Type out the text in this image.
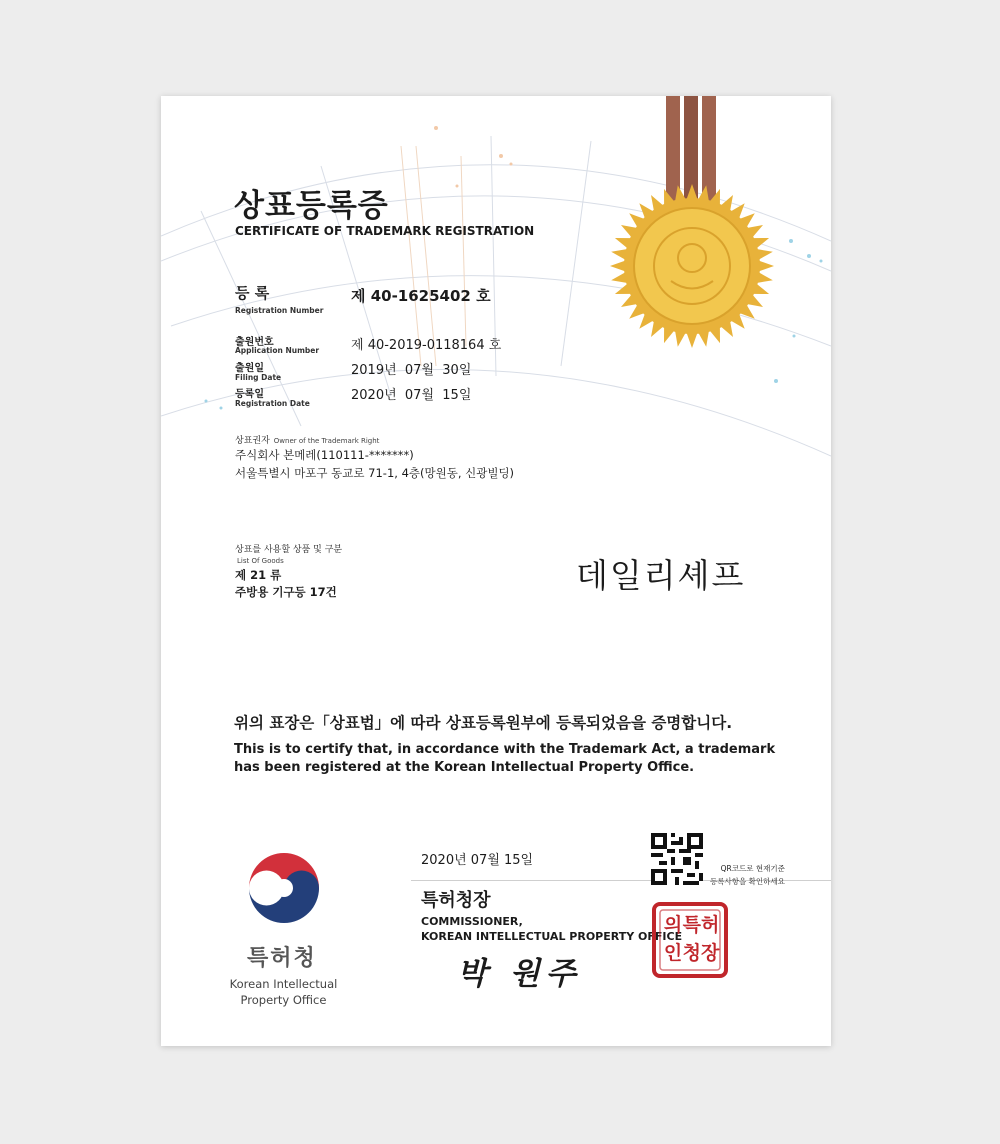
상표등록증
CERTIFICATE OF TRADEMARK REGISTRATION
등 록
Registration Number
제 40-1625402 호
출원번호
Application Number 제 40-2019-0118164 호
출원일
Filing Date	2019년  07월  30일
등록일
Registration Date
2020년  07월  15일
상표권자 Owner of the Trademark Right
주식회사 본메레(110111-*******)
서울특별시 마포구 동교로 71-1, 4층(망원동, 신광빌딩)
상표를 사용할 상품 및 구분
List Of Goods
제 21 류
주방용 기구등 17건	데일리셰프
위의 표장은「상표법」에 따라 상표등록원부에 등록되었음을 증명합니다.
This is to certify that, in accordance with the Trademark Act, a trademark
has been registered at the Korean Intellectual Property Office.
2020년 07월 15일
특허청장
COMMISSIONER,
KOREAN INTELLECTUAL PROPERTY OFFICE
박 원주
QR코드로 현재기준
등록사항을 확인하세요
특허
청장
의
인
특허청
Korean Intellectual
Property Office
